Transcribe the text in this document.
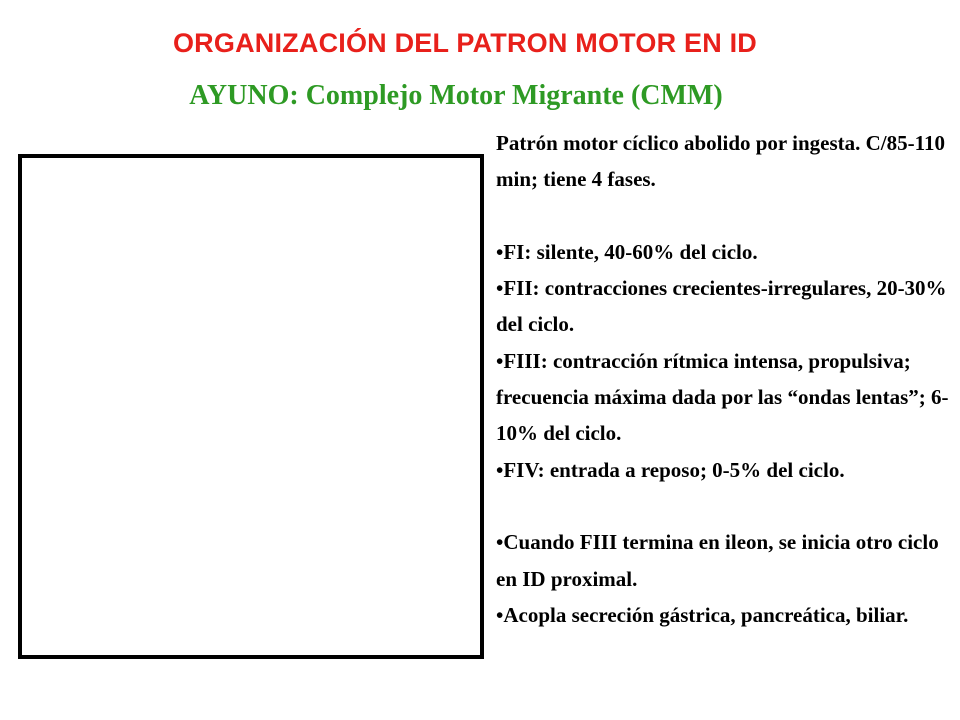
ORGANIZACIÓN DEL PATRON MOTOR EN ID
AYUNO: Complejo Motor Migrante (CMM)

Patrón motor cíclico abolido por ingesta. C/85-110 min; tiene 4 fases.

•FI: silente, 40-60% del ciclo.

•FII: contracciones crecientes-irregulares, 20-30% del ciclo.

•FIII: contracción rítmica intensa, propulsiva; frecuencia máxima dada por las “ondas lentas”; 6-10% del ciclo.

•FIV: entrada a reposo; 0-5% del ciclo.

•Cuando FIII termina en ileon, se inicia otro ciclo en ID proximal.

•Acopla secreción gástrica, pancreática, biliar.
